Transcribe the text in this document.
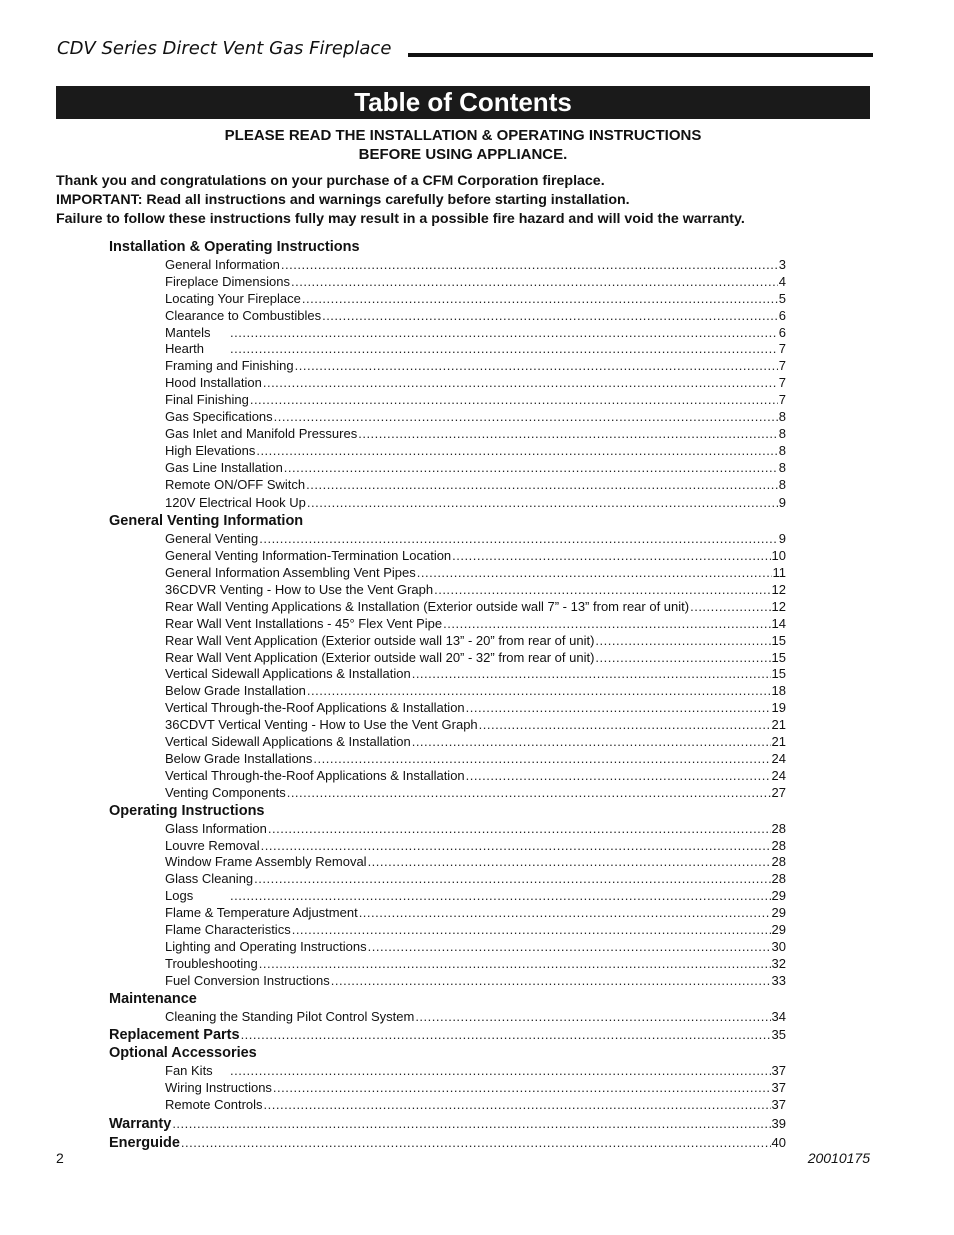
CDV Series Direct Vent Gas Fireplace
Table of Contents
PLEASE READ THE INSTALLATION & OPERATING INSTRUCTIONS
BEFORE USING APPLIANCE.
Thank you and congratulations on your purchase of a CFM Corporation fireplace.
IMPORTANT: Read all instructions and warnings carefully before starting installation.
Failure to follow these instructions fully may result in a possible fire hazard and will void the warranty.
Installation & Operating Instructions
General Information .....	3
Fireplace Dimensions .....	4
Locating Your Fireplace .....	5
Clearance to Combustibles .....	6
Mantels .....	6
Hearth .....	7
Framing and Finishing .....	7
Hood Installation .....	7
Final Finishing .....	7
Gas Specifications .....	8
Gas Inlet and Manifold Pressures .....	8
High Elevations .....	8
Gas Line Installation .....	8
Remote ON/OFF Switch .....	8
120V Electrical Hook Up .....	9
General Venting Information
General Venting .....	9
General Venting Information-Termination Location .....	10
General Information Assembling Vent Pipes .....	11
36CDVR Venting - How to Use the Vent Graph .....	12
Rear Wall Venting Applications & Installation (Exterior outside wall 7” - 13” from rear of unit) .....	12
Rear Wall Vent Installations - 45° Flex Vent Pipe .....	14
Rear Wall Vent Application (Exterior outside wall 13” - 20” from rear of unit) .....	15
Rear Wall Vent Application (Exterior outside wall 20” - 32” from rear of unit) .....	15
Vertical Sidewall Applications & Installation .....	15
Below Grade Installation .....	18
Vertical Through-the-Roof Applications & Installation .....	19
36CDVT Vertical Venting - How to Use the Vent Graph .....	21
Vertical Sidewall Applications & Installation .....	21
Below Grade Installations .....	24
Vertical Through-the-Roof Applications & Installation .....	24
Venting Components .....	27
Operating Instructions
Glass Information .....	28
Louvre Removal .....	28
Window Frame Assembly Removal .....	28
Glass Cleaning .....	28
Logs .....	29
Flame & Temperature Adjustment .....	29
Flame Characteristics .....	29
Lighting and Operating Instructions .....	30
Troubleshooting .....	32
Fuel Conversion Instructions .....	33
Maintenance
Cleaning the Standing Pilot Control System .....	34
Replacement Parts .....	35
Optional Accessories
Fan Kits .....	37
Wiring Instructions .....	37
Remote Controls .....	37
Warranty .....	39
Energuide .....	40
2	20010175
